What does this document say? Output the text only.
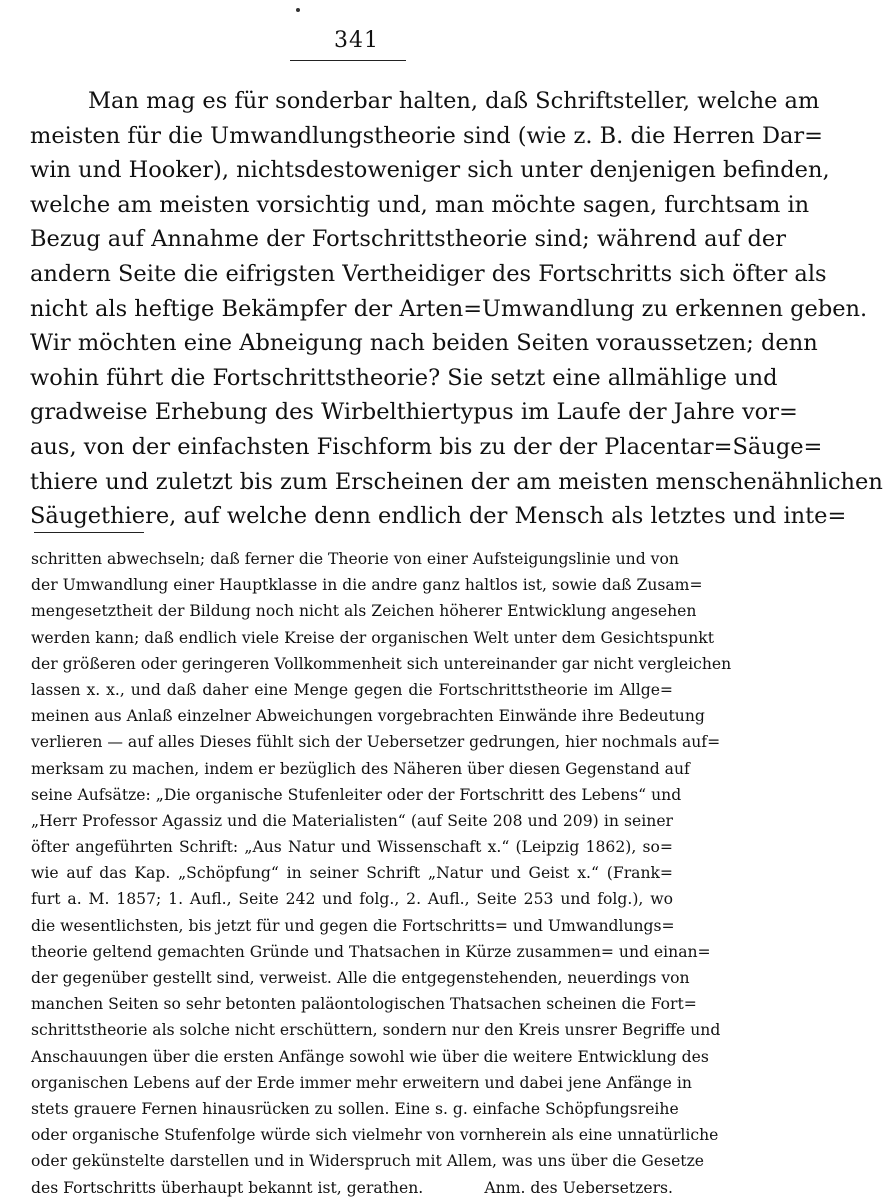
341
Man mag es für sonderbar halten, daß Schriftsteller, welche am
meisten für die Umwandlungstheorie sind (wie z. B. die Herren Dar=
win und Hooker), nichtsdestoweniger sich unter denjenigen befinden,
welche am meisten vorsichtig und, man möchte sagen, furchtsam in
Bezug auf Annahme der Fortschrittstheorie sind; während auf der
andern Seite die eifrigsten Vertheidiger des Fortschritts sich öfter als
nicht als heftige Bekämpfer der Arten=Umwandlung zu erkennen geben.
Wir möchten eine Abneigung nach beiden Seiten voraussetzen; denn
wohin führt die Fortschrittstheorie? Sie setzt eine allmählige und
gradweise Erhebung des Wirbelthiertypus im Laufe der Jahre vor=
aus, von der einfachsten Fischform bis zu der der Placentar=Säuge=
thiere und zuletzt bis zum Erscheinen der am meisten menschenähnlichen
Säugethiere, auf welche denn endlich der Mensch als letztes und inte=
schritten abwechseln; daß ferner die Theorie von einer Aufsteigungslinie und von
der Umwandlung einer Hauptklasse in die andre ganz haltlos ist, sowie daß Zusam=
mengesetztheit der Bildung noch nicht als Zeichen höherer Entwicklung angesehen
werden kann; daß endlich viele Kreise der organischen Welt unter dem Gesichtspunkt
der größeren oder geringeren Vollkommenheit sich untereinander gar nicht vergleichen
lassen x. x., und daß daher eine Menge gegen die Fortschrittstheorie im Allge=
meinen aus Anlaß einzelner Abweichungen vorgebrachten Einwände ihre Bedeutung
verlieren — auf alles Dieses fühlt sich der Uebersetzer gedrungen, hier nochmals auf=
merksam zu machen, indem er bezüglich des Näheren über diesen Gegenstand auf
seine Aufsätze: „Die organische Stufenleiter oder der Fortschritt des Lebens“ und
„Herr Professor Agassiz und die Materialisten“ (auf Seite 208 und 209) in seiner
öfter angeführten Schrift: „Aus Natur und Wissenschaft x.“ (Leipzig 1862), so=
wie auf das Kap. „Schöpfung“ in seiner Schrift „Natur und Geist x.“ (Frank=
furt a. M. 1857; 1. Aufl., Seite 242 und folg., 2. Aufl., Seite 253 und folg.), wo
die wesentlichsten, bis jetzt für und gegen die Fortschritts= und Umwandlungs=
theorie geltend gemachten Gründe und Thatsachen in Kürze zusammen= und einan=
der gegenüber gestellt sind, verweist. Alle die entgegenstehenden, neuerdings von
manchen Seiten so sehr betonten paläontologischen Thatsachen scheinen die Fort=
schrittstheorie als solche nicht erschüttern, sondern nur den Kreis unsrer Begriffe und
Anschauungen über die ersten Anfänge sowohl wie über die weitere Entwicklung des
organischen Lebens auf der Erde immer mehr erweitern und dabei jene Anfänge in
stets grauere Fernen hinausrücken zu sollen. Eine s. g. einfache Schöpfungsreihe
oder organische Stufenfolge würde sich vielmehr von vornherein als eine unnatürliche
oder gekünstelte darstellen und in Widerspruch mit Allem, was uns über die Gesetze
des Fortschritts überhaupt bekannt ist, gerathen.	Anm. des Uebersetzers.
